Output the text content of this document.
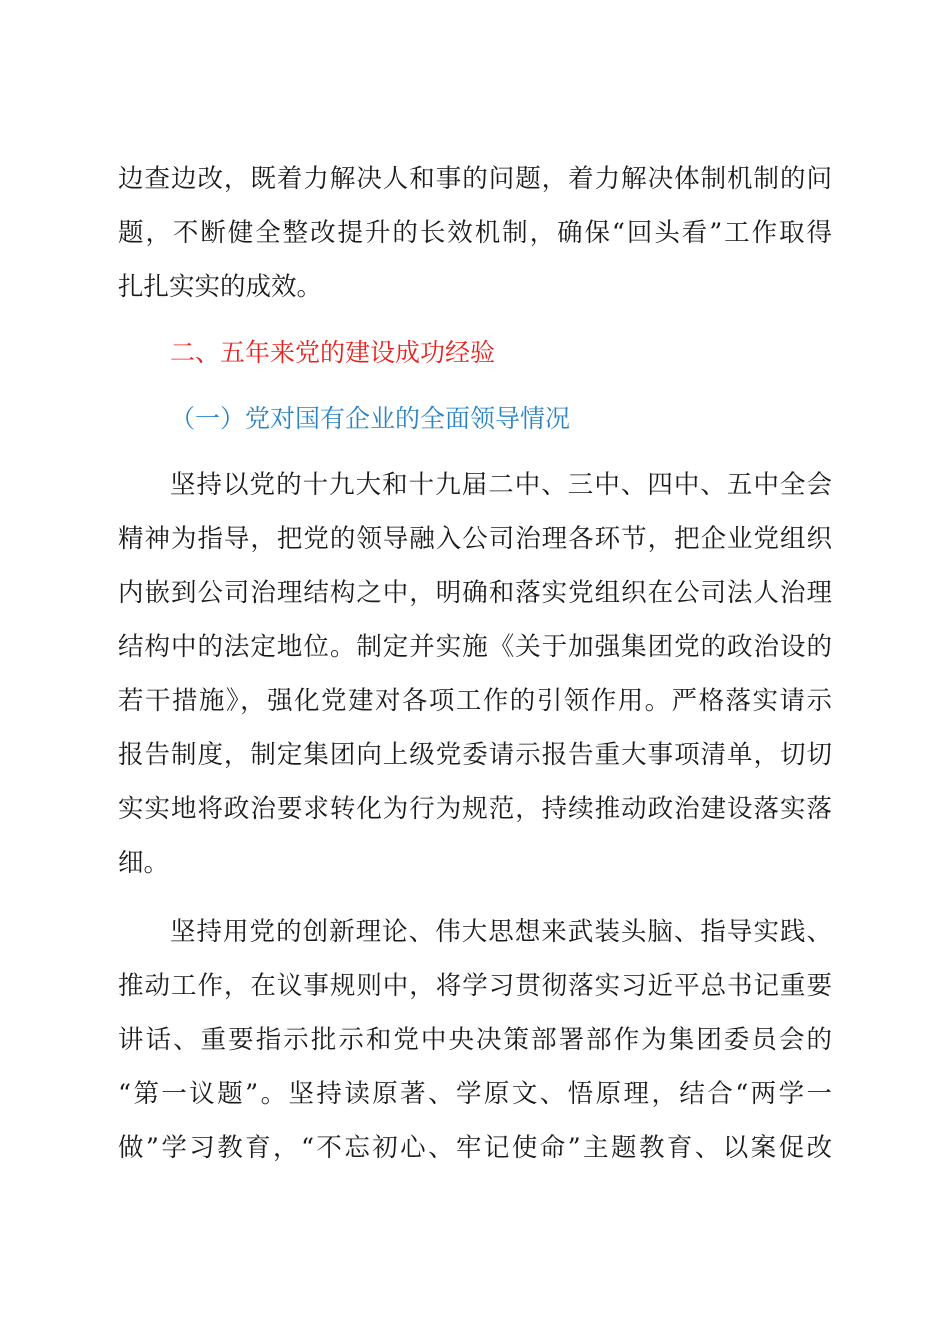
边查边改，既着力解决人和事的问题，着力解决体制机制的问
题，不断健全整改提升的长效机制，确保“回头看”工作取得
扎扎实实的成效。
二、五年来党的建设成功经验
（一）党对国有企业的全面领导情况
坚持以党的十九大和十九届二中、三中、四中、五中全会
精神为指导，把党的领导融入公司治理各环节，把企业党组织
内嵌到公司治理结构之中，明确和落实党组织在公司法人治理
结构中的法定地位。制定并实施《关于加强集团党的政治设的
若干措施》，强化党建对各项工作的引领作用。严格落实请示
报告制度，制定集团向上级党委请示报告重大事项清单，切切
实实地将政治要求转化为行为规范，持续推动政治建设落实落
细。
坚持用党的创新理论、伟大思想来武装头脑、指导实践、
推动工作，在议事规则中，将学习贯彻落实习近平总书记重要
讲话、重要指示批示和党中央决策部署部作为集团委员会的
“第一议题”。坚持读原著、学原文、悟原理，结合“两学一
做”学习教育，“不忘初心、牢记使命”主题教育、以案促改
